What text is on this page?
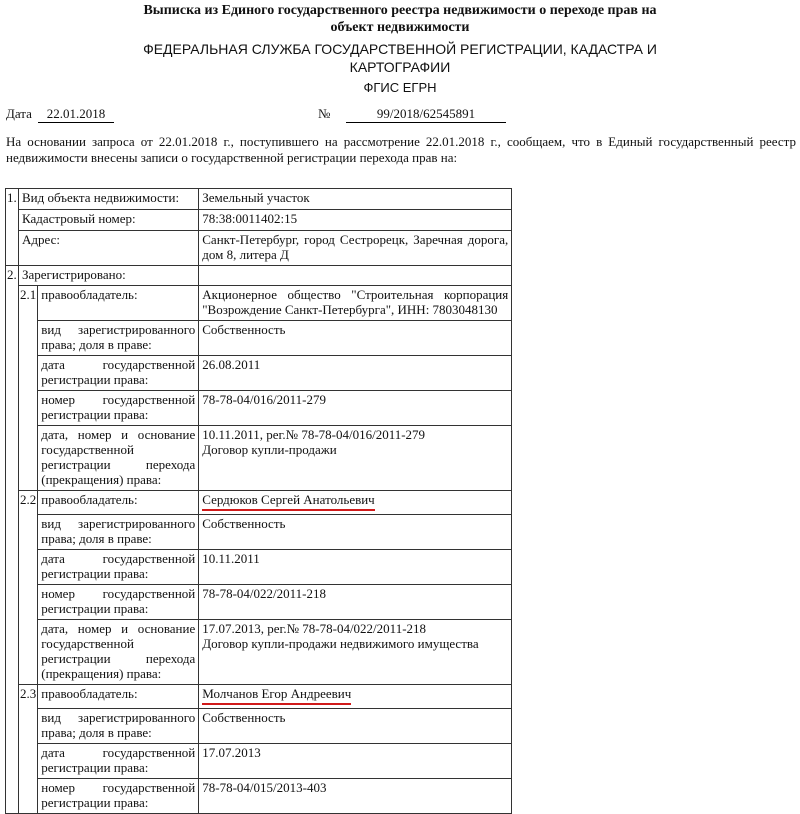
Выписка из Единого государственного реестра недвижимости о переходе прав на
объект недвижимости
ФЕДЕРАЛЬНАЯ СЛУЖБА ГОСУДАРСТВЕННОЙ РЕГИСТРАЦИИ, КАДАСТРА И
КАРТОГРАФИИ
ФГИС ЕГРН
Дата	22.01.2018	№	99/2018/62545891
На основании запроса от 22.01.2018 г., поступившего на рассмотрение 22.01.2018 г., сообщаем, что в Единый государственный реестр недвижимости внесены записи о государственной регистрации перехода прав на:
1.	Вид объекта недвижимости:		Земельный участок
	Кадастровый номер:		78:38:0011402:15
	Адрес:		Санкт-Петербург, город Сестрорецк, Заречная дорога, дом 8, литера Д
2.	Зарегистрировано:		
	2.1	правообладатель:	Акционерное общество "Строительная корпорация "Возрождение Санкт-Петербурга", ИНН: 7803048130
		вид зарегистрированного права; доля в праве:	Собственность
		дата государственной регистрации права:	26.08.2011
		номер государственной регистрации права:	78-78-04/016/2011-279
		дата, номер и основание государственной регистрации перехода (прекращения) права:	10.11.2011, рег.№ 78-78-04/016/2011-279
Договор купли-продажи

	2.2	правообладатель:	Сердюков Сергей Анатольевич
		вид зарегистрированного права; доля в праве:	Собственность
		дата государственной регистрации права:	10.11.2011
		номер государственной регистрации права:	78-78-04/022/2011-218
		дата, номер и основание государственной регистрации перехода (прекращения) права:	17.07.2013, рег.№ 78-78-04/022/2011-218
Договор купли-продажи недвижимого имущества

	2.3	правообладатель:	Молчанов Егор Андреевич
		вид зарегистрированного права; доля в праве:	Собственность
		дата государственной регистрации права:	17.07.2013
		номер государственной регистрации права:	78-78-04/015/2013-403
